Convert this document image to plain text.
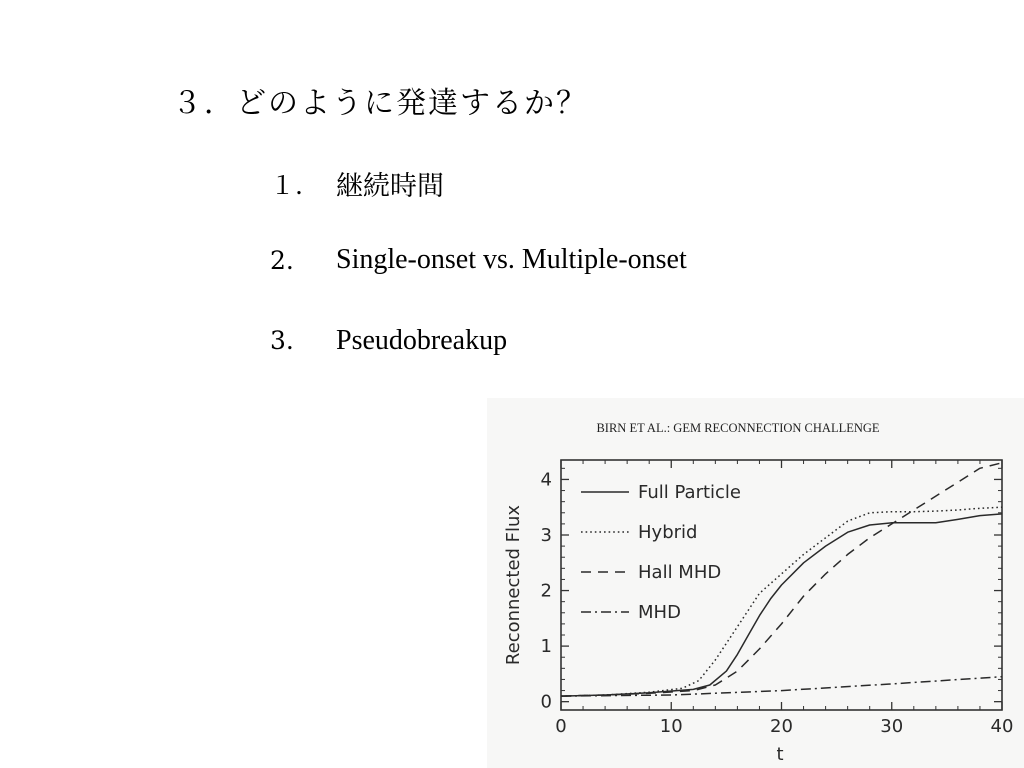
３．どのように発達するか？
１. 継続時間
2. Single-onset vs. Multiple-onset
3. Pseudobreakup
BIRN ET AL.: GEM RECONNECTION CHALLENGE
0	10	20	30	40
0
1
2
3
4
Full Particle
Hybrid
Hall MHD
MHD
t
Reconnected Flux
